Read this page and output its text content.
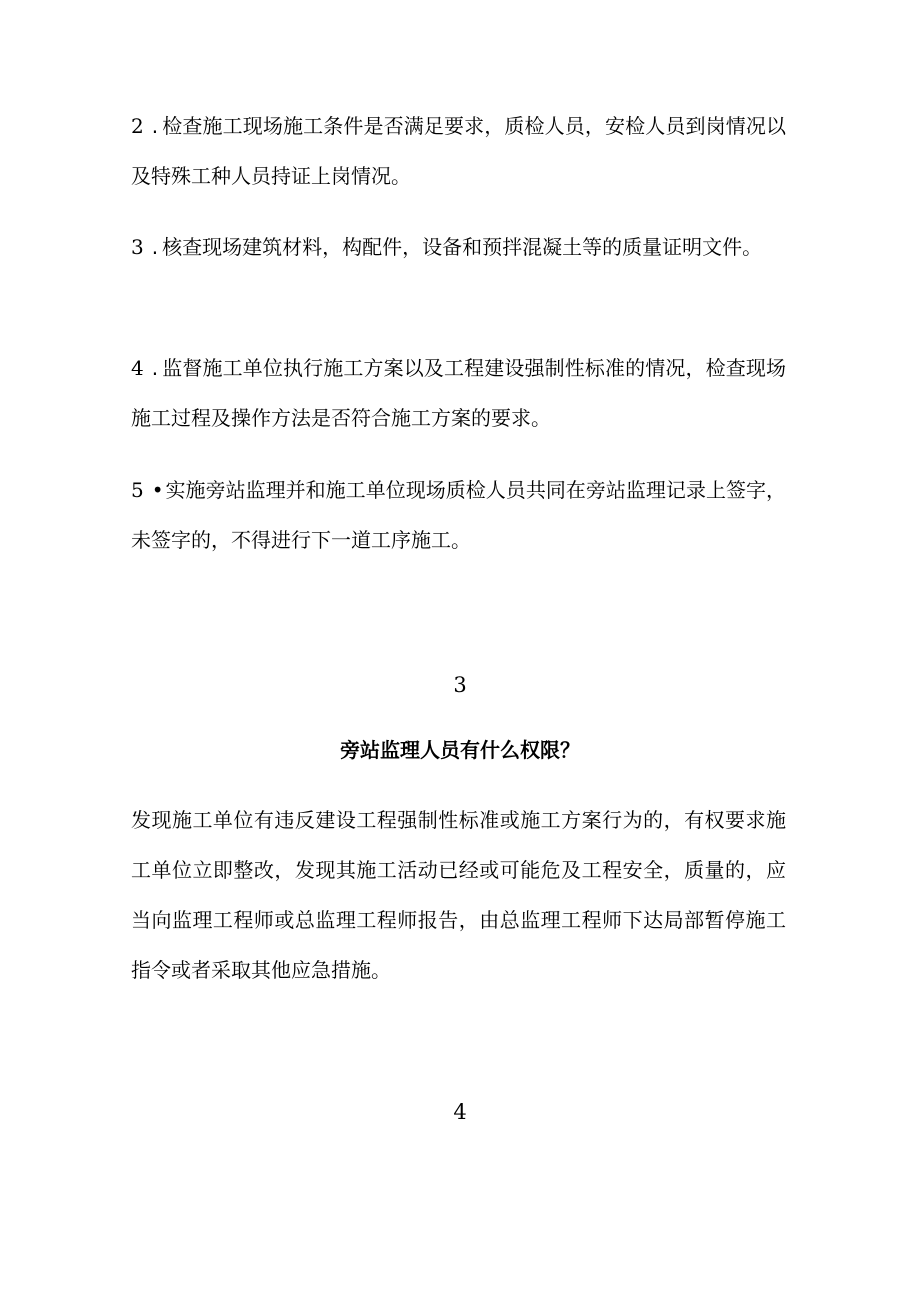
2 . 检查施工现场施工条件是否满足要求，质检人员，安检人员到岗情况以及特殊工种人员持证上岗情况。

3 . 核查现场建筑材料，构配件，设备和预拌混凝土等的质量证明文件。

4 . 监督施工单位执行施工方案以及工程建设强制性标准的情况，检查现场施工过程及操作方法是否符合施工方案的要求。

5 • 实施旁站监理并和施工单位现场质检人员共同在旁站监理记录上签字，未签字的，不得进行下一道工序施工。

3
旁站监理人员有什么权限？

发现施工单位有违反建设工程强制性标准或施工方案行为的，有权要求施工单位立即整改，发现其施工活动已经或可能危及工程安全，质量的，应当向监理工程师或总监理工程师报告，由总监理工程师下达局部暂停施工指令或者采取其他应急措施。

4
